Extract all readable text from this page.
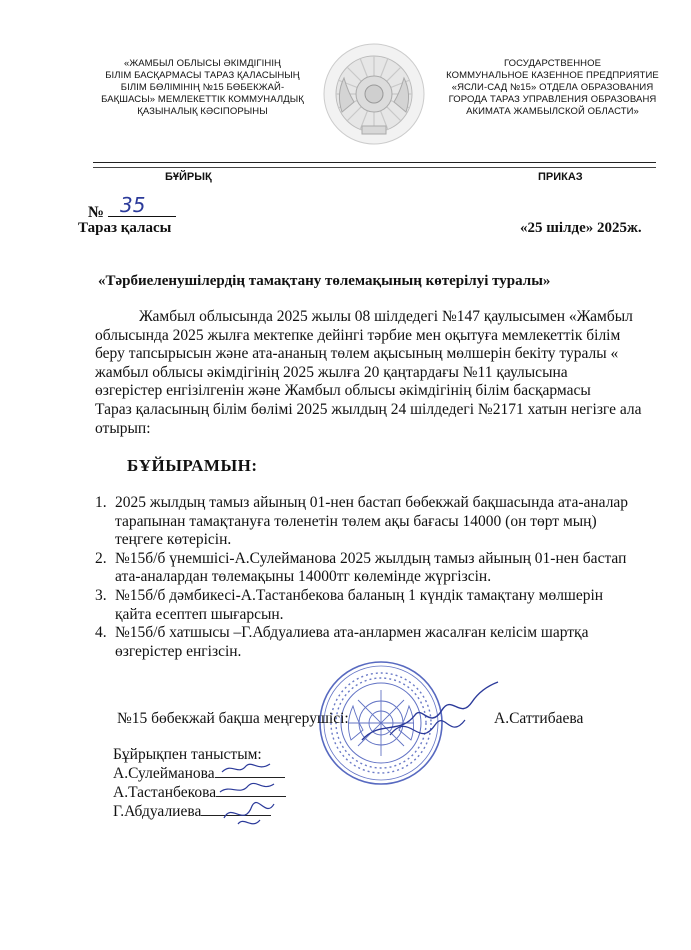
«ЖАМБЫЛ ОБЛЫСЫ ӘКІМДІГІНІҢ
БІЛІМ БАСҚАРМАСЫ ТАРАЗ ҚАЛАСЫНЫҢ
БІЛІМ БӨЛІМІНІҢ №15 БӨБЕКЖАЙ-
БАҚШАСЫ» МЕМЛЕКЕТТІК КОММУНАЛДЫҚ
ҚАЗЫНАЛЫҚ КӘСІПОРЫНЫ
ГОСУДАРСТВЕННОЕ
КОММУНАЛЬНОЕ КАЗЕННОЕ ПРЕДПРИЯТИЕ
«ЯСЛИ-САД №15» ОТДЕЛА ОБРАЗОВАНИЯ
ГОРОДА ТАРАЗ УПРАВЛЕНИЯ ОБРАЗОВАНЯ
АКИМАТА ЖАМБЫЛСКОЙ ОБЛАСТИ»
БҰЙРЫҚ	ПРИКАЗ
№ 35
Тараз қаласы	«25 шілде» 2025ж.
«Тәрбиеленушілердің тамақтану төлемақының көтерілуі туралы»
Жамбыл облысында 2025 жылы 08 шілдедегі №147 қаулысымен «Жамбыл
облысында 2025 жылға мектепке дейінгі тәрбие мен оқытуға мемлекеттік білім
беру тапсырысын және ата-ананың төлем ақысының мөлшерін бекіту туралы «
жамбыл облысы әкімдігінің 2025 жылға 20 қаңтардағы №11 қаулысына
өзгерістер енгізілгенін және Жамбыл облысы әкімдігінің білім басқармасы
Тараз қаласының білім бөлімі 2025 жылдың 24 шілдедегі №2171 хатын негізге ала
отырып:
БҰЙЫРАМЫН:
1. 2025 жылдың тамыз айының 01-нен бастап бөбекжай бақшасында ата-аналар
тарапынан тамақтануға төленетін төлем ақы бағасы 14000 (он төрт мың)
теңгеге көтерісін.
2. №15б/б үнемшісі-А.Сулейманова 2025 жылдың тамыз айының 01-нен бастап
ата-аналардан төлемақыны 14000тг көлемінде жүргізсін.
3. №15б/б дәмбикесі-А.Тастанбекова баланың 1 күндік тамақтану мөлшерін
қайта есептеп шығарсын.
4. №15б/б хатшысы –Г.Абдуалиева ата-анлармен жасалған келісім шартқа
өзгерістер енгізсін.
№15 бөбекжай бақша меңгерушісі:	А.Саттибаева
Бұйрықпен таныстым:
А.Сулейманова
А.Тастанбекова
Г.Абдуалиева
